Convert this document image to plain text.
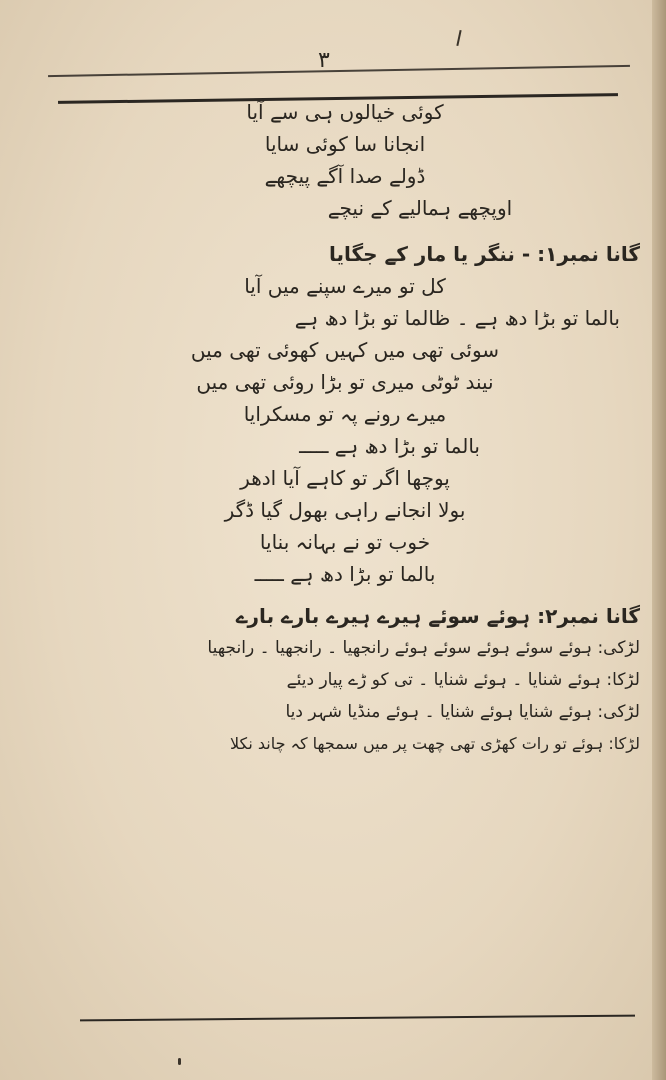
۳
کوئی خیالوں ہی سے آیا
انجانا سا کوئی سایا
ڈولے صدا آگے پیچھے
اوپچھے ہمالیے کے نیچے
گانا نمبر۱: - ننگر یا مار کے جگایا
کل تو میرے سپنے میں آیا
بالما تو بڑا دھ ہے ۔ ظالما تو بڑا دھ ہے
سوئی تھی میں کہیں کھوئی تھی میں
نیند ٹوٹی میری تو بڑا روئی تھی میں
میرے رونے پہ تو مسکرایا
بالما تو بڑا دھ ہے ـــــ
پوچھا اگر تو کاہے آیا ادھر
بولا انجانے راہی بھول گیا ڈگر
خوب تو نے بہانہ بنایا
بالما تو بڑا دھ ہے ـــــ
گانا نمبر۲: ہوئے سوئے ہیرے ہیرے بارے بارے
لڑکی: ہوئے سوئے ہوئے سوئے ہوئے رانجھیا ۔ رانجھیا ۔ رانجھیا
لڑکا: ہوئے شنایا ۔ ہوئے شنایا ۔ تی کو ڑے پیار دیئے
لڑکی: ہوئے شنایا ہوئے شنایا ۔ ہوئے منڈیا شہر دیا
لڑکا: ہوئے تو رات کھڑی تھی چھت پر میں سمجھا کہ چاند نکلا
